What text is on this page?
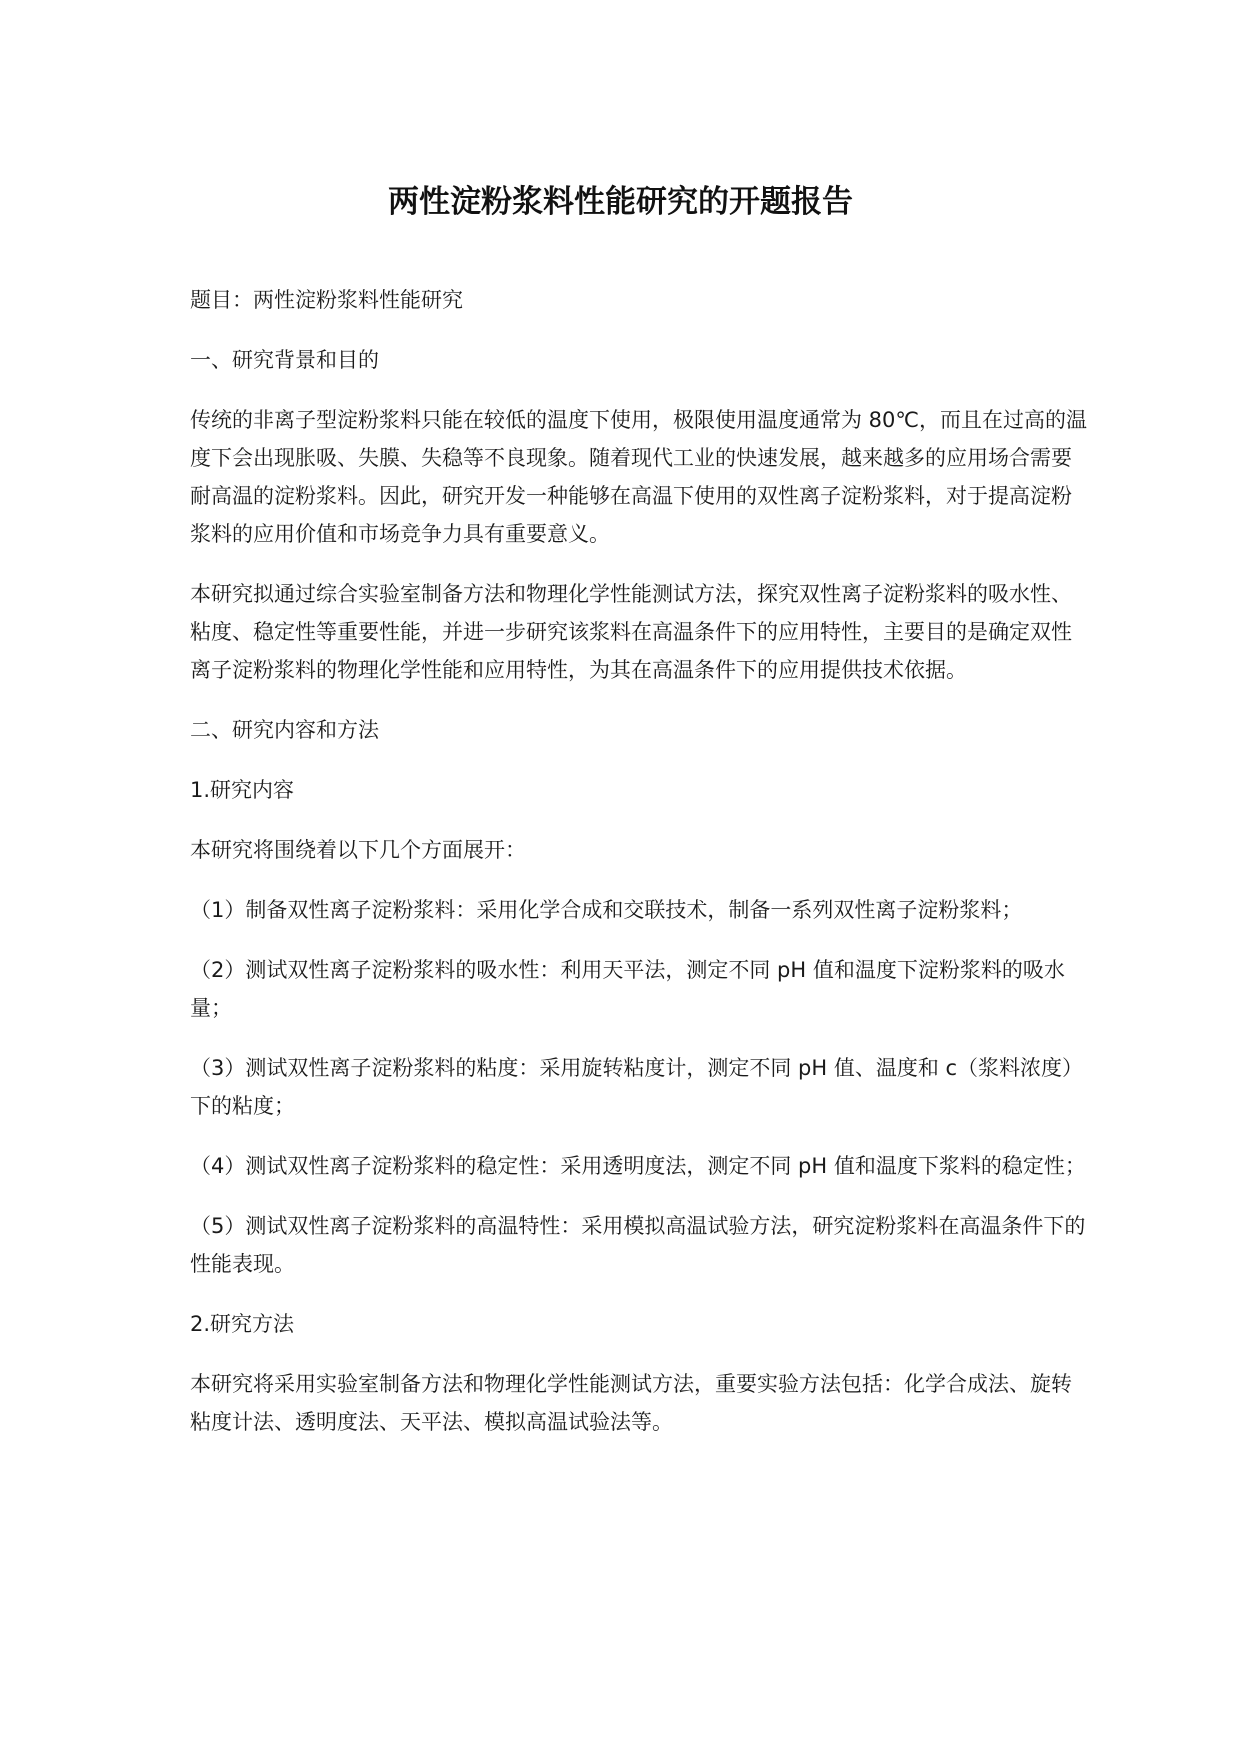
两性淀粉浆料性能研究的开题报告

题目：两性淀粉浆料性能研究

一、研究背景和目的

传统的非离子型淀粉浆料只能在较低的温度下使用，极限使用温度通常为 80℃，而且在过高的温度下会出现胀吸、失膜、失稳等不良现象。随着现代工业的快速发展，越来越多的应用场合需要耐高温的淀粉浆料。因此，研究开发一种能够在高温下使用的双性离子淀粉浆料，对于提高淀粉浆料的应用价值和市场竞争力具有重要意义。

本研究拟通过综合实验室制备方法和物理化学性能测试方法，探究双性离子淀粉浆料的吸水性、粘度、稳定性等重要性能，并进一步研究该浆料在高温条件下的应用特性，主要目的是确定双性离子淀粉浆料的物理化学性能和应用特性，为其在高温条件下的应用提供技术依据。

二、研究内容和方法

1.研究内容

本研究将围绕着以下几个方面展开：

（1）制备双性离子淀粉浆料：采用化学合成和交联技术，制备一系列双性离子淀粉浆料；

（2）测试双性离子淀粉浆料的吸水性：利用天平法，测定不同 pH 值和温度下淀粉浆料的吸水量；

（3）测试双性离子淀粉浆料的粘度：采用旋转粘度计，测定不同 pH 值、温度和 c（浆料浓度）下的粘度；

（4）测试双性离子淀粉浆料的稳定性：采用透明度法，测定不同 pH 值和温度下浆料的稳定性；

（5）测试双性离子淀粉浆料的高温特性：采用模拟高温试验方法，研究淀粉浆料在高温条件下的性能表现。

2.研究方法

本研究将采用实验室制备方法和物理化学性能测试方法，重要实验方法包括：化学合成法、旋转粘度计法、透明度法、天平法、模拟高温试验法等。
